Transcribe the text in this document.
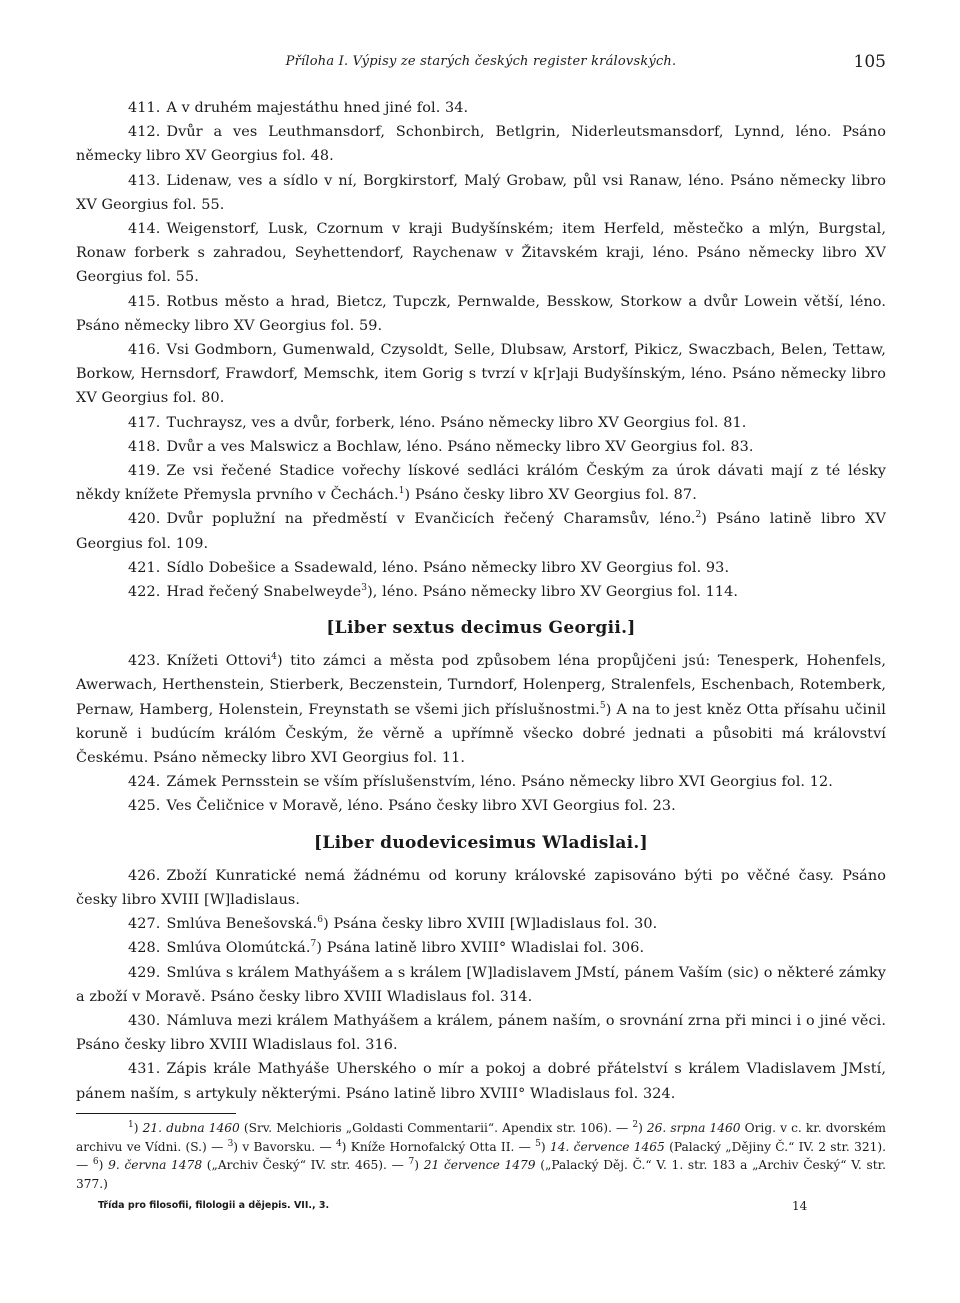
Příloha I. Výpisy ze starých českých register královských.	105

411. A v druhém majestáthu hned jiné fol. 34.

412. Dvůr a ves Leuthmansdorf, Schonbirch, Betlgrin, Niderleutsmansdorf, Lynnd, léno. Psáno německy libro XV Georgius fol. 48.

413. Lidenaw, ves a sídlo v ní, Borgkirstorf, Malý Grobaw, půl vsi Ranaw, léno. Psáno německy libro XV Georgius fol. 55.

414. Weigenstorf, Lusk, Czornum v kraji Budyšínském; item Herfeld, městečko a mlýn, Burgstal, Ronaw forberk s zahradou, Seyhettendorf, Raychenaw v Žitavském kraji, léno. Psáno německy libro XV Georgius fol. 55.

415. Rotbus město a hrad, Bietcz, Tupczk, Pernwalde, Besskow, Storkow a dvůr Lowein větší, léno. Psáno německy libro XV Georgius fol. 59.

416. Vsi Godmborn, Gumenwald, Czysoldt, Selle, Dlubsaw, Arstorf, Pikicz, Swaczbach, Belen, Tettaw, Borkow, Hernsdorf, Frawdorf, Memschk, item Gorig s tvrzí v k[r]aji Budyšínským, léno. Psáno německy libro XV Georgius fol. 80.

417. Tuchraysz, ves a dvůr, forberk, léno. Psáno německy libro XV Georgius fol. 81.

418. Dvůr a ves Malswicz a Bochlaw, léno. Psáno německy libro XV Georgius fol. 83.

419. Ze vsi řečené Stadice vořechy lískové sedláci králóm Českým za úrok dávati mají z té lésky někdy knížete Přemysla prvního v Čechách.$^1$) Psáno česky libro XV Georgius fol. 87.

420. Dvůr poplužní na předměstí v Evančicích řečený Charamsův, léno.$^2$) Psáno latině libro XV Georgius fol. 109.

421. Sídlo Dobešice a Ssadewald, léno. Psáno německy libro XV Georgius fol. 93.

422. Hrad řečený Snabelweyde$^3$), léno. Psáno německy libro XV Georgius fol. 114.

[Liber sextus decimus Georgii.]

423. Knížeti Ottovi$^4$) tito zámci a města pod způsobem léna propůjčeni jsú: Tenesperk, Hohenfels, Awerwach, Herthenstein, Stierberk, Beczenstein, Turndorf, Holenperg, Stralenfels, Eschenbach, Rotemberk, Pernaw, Hamberg, Holenstein, Freynstath se všemi jich příslušnostmi.$^5$) A na to jest kněz Otta přísahu učinil koruně i budúcím králóm Českým, že věrně a upřímně všecko dobré jednati a působiti má království Českému. Psáno německy libro XVI Georgius fol. 11.

424. Zámek Pernsstein se vším příslušenstvím, léno. Psáno německy libro XVI Georgius fol. 12.

425. Ves Čeličnice v Moravě, léno. Psáno česky libro XVI Georgius fol. 23.

[Liber duodevicesimus Wladislai.]

426. Zboží Kunratické nemá žádnému od koruny královské zapisováno býti po věčné časy. Psáno česky libro XVIII [W]ladislaus.

427. Smlúva Benešovská.$^6$) Psána česky libro XVIII [W]ladislaus fol. 30.

428. Smlúva Olomútcká.$^7$) Psána latině libro XVIII° Wladislai fol. 306.

429. Smlúva s králem Mathyášem a s králem [W]ladislavem JMstí, pánem Vaším (sic) o některé zámky a zboží v Moravě. Psáno česky libro XVIII Wladislaus fol. 314.

430. Námluva mezi králem Mathyášem a králem, pánem naším, o srovnání zrna při minci i o jiné věci. Psáno česky libro XVIII Wladislaus fol. 316.

431. Zápis krále Mathyáše Uherského o mír a pokoj a dobré přátelství s králem Vladislavem JMstí, pánem naším, s artykuly některými. Psáno latině libro XVIII° Wladislaus fol. 324.

$^1$) 21. dubna 1460 (Srv. Melchioris „Goldasti Commentarii“. Apendix str. 106). — $^2$) 26. srpna 1460 Orig. v c. kr. dvorském archivu ve Vídni. (S.) — $^3$) v Bavorsku. — $^4$) Kníže Hornofalcký Otta II. — $^5$) 14. července 1465 (Palacký „Dějiny Č.“ IV. 2 str. 321). — $^6$) 9. června 1478 („Archiv Český“ IV. str. 465). — $^7$) 21 července 1479 („Palacký Děj. Č.“ V. 1. str. 183 a „Archiv Český“ V. str. 377.)

Třída pro filosofii, filologii a dějepis. VII., 3.	14
